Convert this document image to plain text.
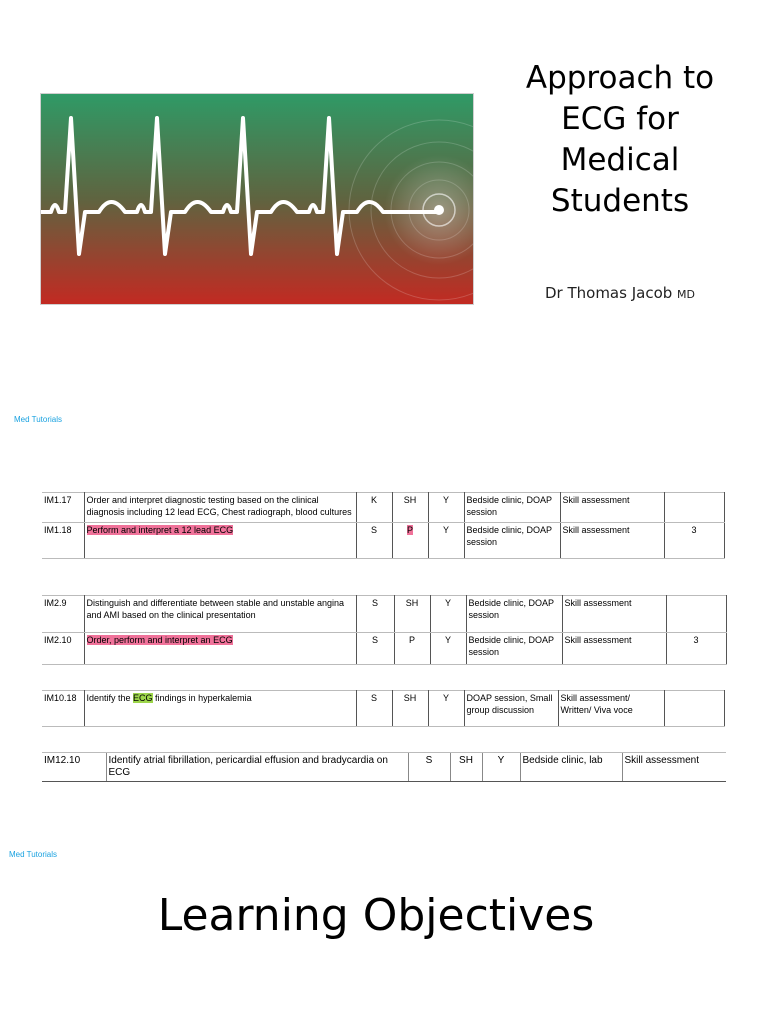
Approach to ECG for Medical Students
Dr Thomas Jacob MD
Med Tutorials
IM1.17	Order and interpret diagnostic testing based on the clinical diagnosis including 12 lead ECG, Chest radiograph, blood cultures	K	SH	Y	Bedside clinic, DOAP session	Skill assessment	
IM1.18	Perform and interpret a 12 lead ECG	S	P	Y	Bedside clinic, DOAP session	Skill assessment	3
IM2.9	Distinguish and differentiate between stable and unstable angina and AMI based on the clinical presentation	S	SH	Y	Bedside clinic, DOAP session	Skill assessment	
IM2.10	Order, perform and interpret an ECG	S	P	Y	Bedside clinic, DOAP session	Skill assessment	3
IM10.18	Identify the ECG findings in hyperkalemia	S	SH	Y	DOAP session, Small group discussion	Skill assessment/ Written/ Viva voce	
IM12.10	Identify atrial fibrillation, pericardial effusion and bradycardia on ECG	S	SH	Y	Bedside clinic, lab	Skill assessment
Med Tutorials
Learning Objectives
